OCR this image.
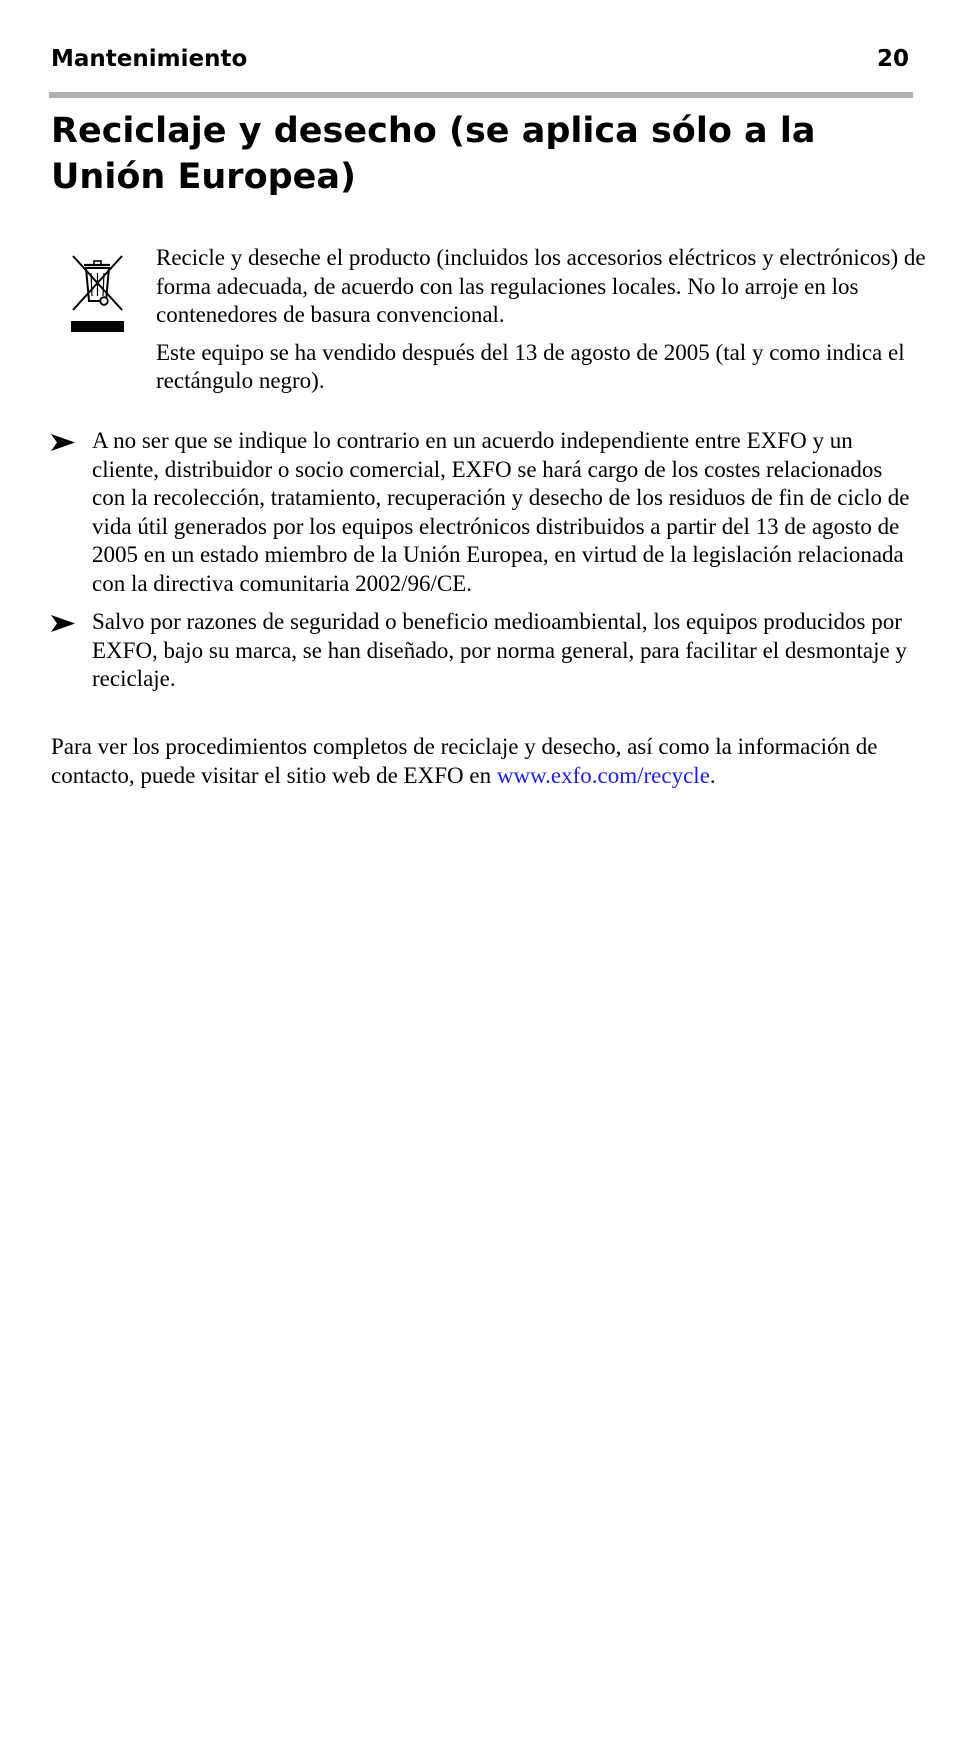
Mantenimiento	20
Reciclaje y desecho (se aplica sólo a la Unión Europea)

Recicle y deseche el producto (incluidos los accesorios eléctricos y electrónicos) de forma adecuada, de acuerdo con las regulaciones locales. No lo arroje en los contenedores de basura convencional.

Este equipo se ha vendido después del 13 de agosto de 2005 (tal y como indica el rectángulo negro).

A no ser que se indique lo contrario en un acuerdo independiente entre EXFO y un cliente, distribuidor o socio comercial, EXFO se hará cargo de los costes relacionados con la recolección, tratamiento, recuperación y desecho de los residuos de fin de ciclo de vida útil generados por los equipos electrónicos distribuidos a partir del 13 de agosto de 2005 en un estado miembro de la Unión Europea, en virtud de la legislación relacionada con la directiva comunitaria 2002/96/CE.
Salvo por razones de seguridad o beneficio medioambiental, los equipos producidos por EXFO, bajo su marca, se han diseñado, por norma general, para facilitar el desmontaje y reciclaje.

Para ver los procedimientos completos de reciclaje y desecho, así como la información de contacto, puede visitar el sitio web de EXFO en www.exfo.com/recycle.
